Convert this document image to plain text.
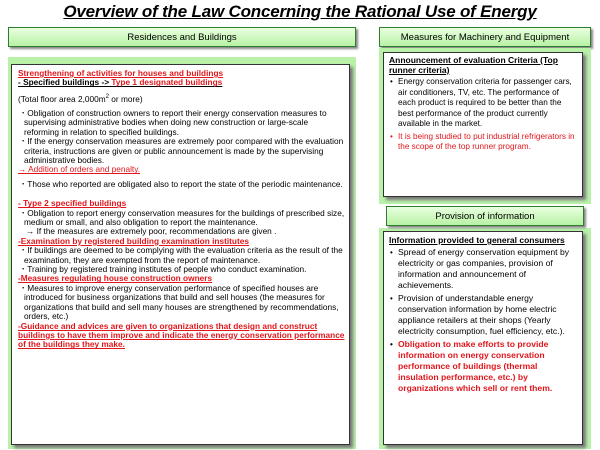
Overview of the Law Concerning the Rational Use of Energy
Residences and Buildings	Measures for Machinery and Equipment
Provision of information

Strengthening of activities for houses and buildings

- Specified buildings -> Type 1 designated buildings

(Total floor area $2,000m^2$ or more)

・Obligation of construction owners to report their energy conservation measures to supervising administrative bodies when doing new construction or large-scale reforming in relation to specified buildings.

・If the energy conservation measures are extremely poor compared with the evaluation criteria, instructions are given or public announcement is made by the supervising administrative bodies.

→ Addition of orders and penalty.

・Those who reported are obligated also to report the state of the periodic maintenance.

- Type 2 specified buildings

・Obligation to report energy conservation measures for the buildings of prescribed size, medium or small, and also obligation to report the maintenance.

→ If the measures are extremely poor, recommendations are given .

-Examination by registered building examination institutes

・If buildings are deemed to be complying with the evaluation criteria as the result of the examination, they are exempted from the report of maintenance.

・Training by registered training institutes of people who conduct examination.

-Measures regulating house construction owners

・Measures to improve energy conservation performance of specified houses are introduced for business organizations that build and sell houses (the measures for organizations that build and sell many houses are strengthened by recommendations, orders, etc.)

-Guidance and advices are given to organizations that design and construct buildings to have them improve and indicate the energy conservation performance of the buildings they make.

Announcement of evaluation Criteria (Top runner criteria)

• Energy conservation criteria for passenger cars, air conditioners, TV, etc. The performance of each product is required to be better than the best performance of the product currently available in the market.
• It is being studied to put industrial refrigerators in the scope of the top runner program.

Information provided to general consumers

• Spread of energy conservation equipment by electricity or gas companies, provision of information and announcement of achievements.
• Provision of understandable energy conservation information by home electric appliance retailers at their shops (Yearly electricity consumption, fuel efficiency, etc.).
• Obligation to make efforts to provide information on energy conservation performance of buildings (thermal insulation performance, etc.) by organizations which sell or rent them.
